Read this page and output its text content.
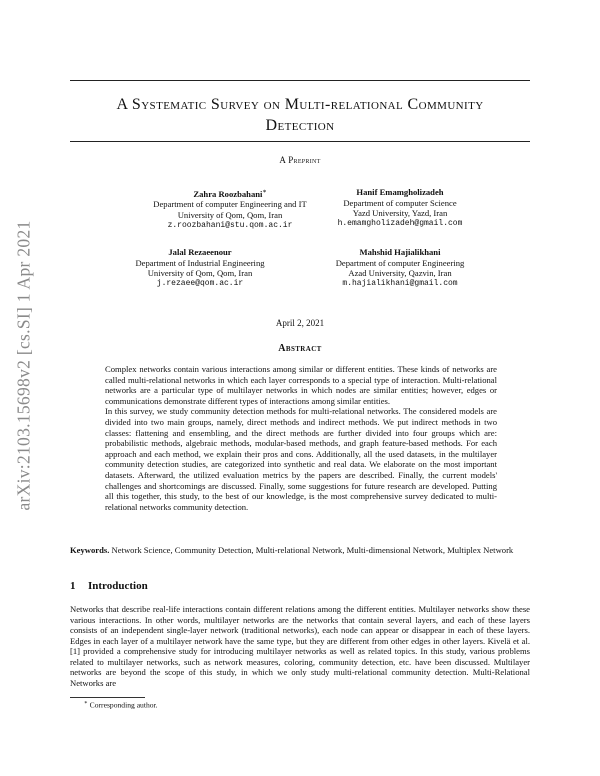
arXiv:2103.15698v2 [cs.SI] 1 Apr 2021
A Systematic Survey on Multi-relational Community
Detection
A Preprint
Zahra Roozbahani∗
Department of computer Engineering and IT
University of Qom, Qom, Iran
z.roozbahani@stu.qom.ac.ir
Hanif Emamgholizadeh
Department of computer Science
Yazd University, Yazd, Iran
h.emamgholizadeh@gmail.com
Jalal Rezaeenour
Department of Industrial Engineering
University of Qom, Qom, Iran
j.rezaee@qom.ac.ir
Mahshid Hajialikhani
Department of computer Engineering
Azad University, Qazvin, Iran
m.hajialikhani@gmail.com
April 2, 2021
Abstract

Complex networks contain various interactions among similar or different entities. These kinds of networks are called multi-relational networks in which each layer corresponds to a special type of interaction. Multi-relational networks are a particular type of multilayer networks in which nodes are similar entities; however, edges or communications demonstrate different types of interactions among similar entities.

In this survey, we study community detection methods for multi-relational networks. The considered models are divided into two main groups, namely, direct methods and indirect methods. We put indirect methods in two classes: flattening and ensembling, and the direct methods are further divided into four groups which are: probabilistic methods, algebraic methods, modular-based methods, and graph feature-based methods. For each approach and each method, we explain their pros and cons. Additionally, all the used datasets, in the multilayer community detection studies, are categorized into synthetic and real data. We elaborate on the most important datasets. Afterward, the utilized evaluation metrics by the papers are described. Finally, the current models' challenges and shortcomings are discussed. Finally, some suggestions for future research are developed. Putting all this together, this study, to the best of our knowledge, is the most comprehensive survey dedicated to multi-relational networks community detection.

Keywords. Network Science, Community Detection, Multi-relational Network, Multi-dimensional Network, Multiplex Network
1 Introduction

Networks that describe real-life interactions contain different relations among the different entities. Multilayer networks show these various interactions. In other words, multilayer networks are the networks that contain several layers, and each of these layers consists of an independent single-layer network (traditional networks), each node can appear or disappear in each of these layers. Edges in each layer of a multilayer network have the same type, but they are different from other edges in other layers. Kivelä et al. [1] provided a comprehensive study for introducing multilayer networks as well as related topics. In this study, various problems related to multilayer networks, such as network measures, coloring, community detection, etc. have been discussed. Multilayer networks are beyond the scope of this study, in which we only study multi-relational community detection. Multi-Relational Networks are

∗ Corresponding author.
